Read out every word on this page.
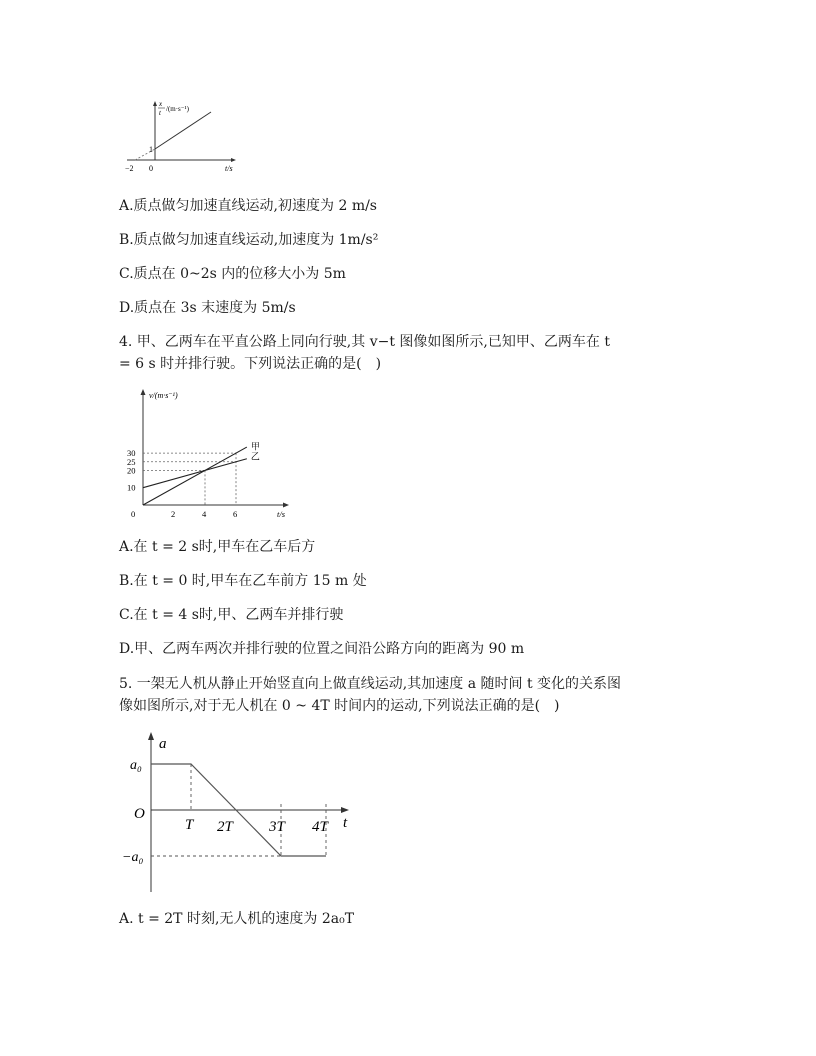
x
t /(m·s⁻¹)
1
0
−2	t/s
A.质点做匀加速直线运动,初速度为 2 m/s
B.质点做匀加速直线运动,加速度为 1m/s²
C.质点在 0~2s 内的位移大小为 5m
D.质点在 3s 末速度为 5m/s
4. 甲、乙两车在平直公路上同向行驶,其 v−t 图像如图所示,已知甲、乙两车在 t
= 6 s 时并排行驶。下列说法正确的是(　)
甲
乙
10
20
25
30
0	2	4	6
v/(m·s⁻¹)
t/s
A.在 t = 2 s时,甲车在乙车后方
B.在 t = 0 时,甲车在乙车前方 15 m 处
C.在 t = 4 s时,甲、乙两车并排行驶
D.甲、乙两车两次并排行驶的位置之间沿公路方向的距离为 90 m
5. 一架无人机从静止开始竖直向上做直线运动,其加速度 a 随时间 t 变化的关系图
像如图所示,对于无人机在 0 ~ 4T 时间内的运动,下列说法正确的是(　)
a
t
O
a₀
−a₀
T 2T 3T 4T
A. t = 2T 时刻,无人机的速度为 2a₀T
